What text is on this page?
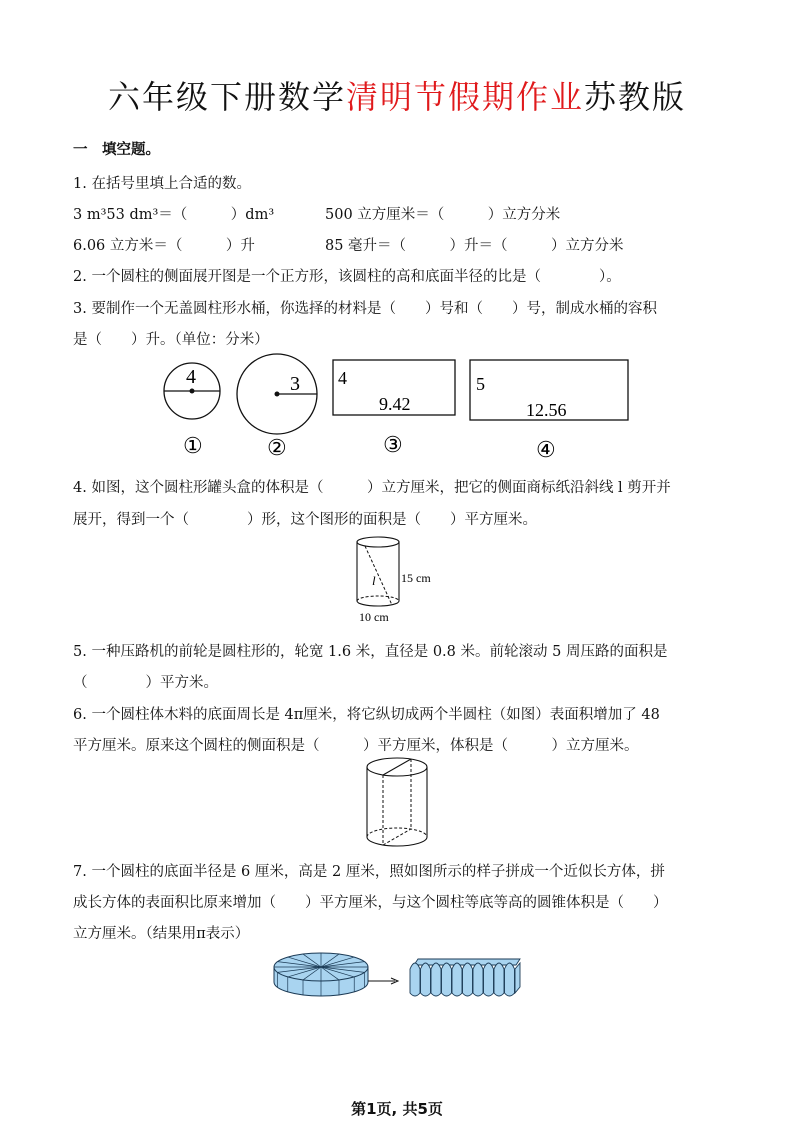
六年级下册数学清明节假期作业苏教版
一　填空题。
1. 在括号里填上合适的数。
3 m³53 dm³＝（　　　）dm³	500 立方厘米＝（　　　）立方分米
6.06 立方米＝（　　　）升	85 毫升＝（　　　）升＝（　　　）立方分米
2. 一个圆柱的侧面展开图是一个正方形，该圆柱的高和底面半径的比是（　　　　）。
3. 要制作一个无盖圆柱形水桶，你选择的材料是（　　）号和（　　）号，制成水桶的容积
是（　　）升。（单位：分米）
4	3 4
9.42
5
12.56
①	②	③	④
4. 如图，这个圆柱形罐头盒的体积是（　　　）立方厘米，把它的侧面商标纸沿斜线 l 剪开并
展开，得到一个（　　　　）形，这个图形的面积是（　　）平方厘米。
l 15 cm
10 cm
5. 一种压路机的前轮是圆柱形的，轮宽 1.6 米，直径是 0.8 米。前轮滚动 5 周压路的面积是
（　　　　）平方米。
6. 一个圆柱体木料的底面周长是 4π厘米，将它纵切成两个半圆柱（如图）表面积增加了 48
平方厘米。原来这个圆柱的侧面积是（　　　）平方厘米，体积是（　　　）立方厘米。
7. 一个圆柱的底面半径是 6 厘米，高是 2 厘米，照如图所示的样子拼成一个近似长方体，拼
成长方体的表面积比原来增加（　　）平方厘米，与这个圆柱等底等高的圆锥体积是（　　）
立方厘米。（结果用π表示）
第1页, 共5页
